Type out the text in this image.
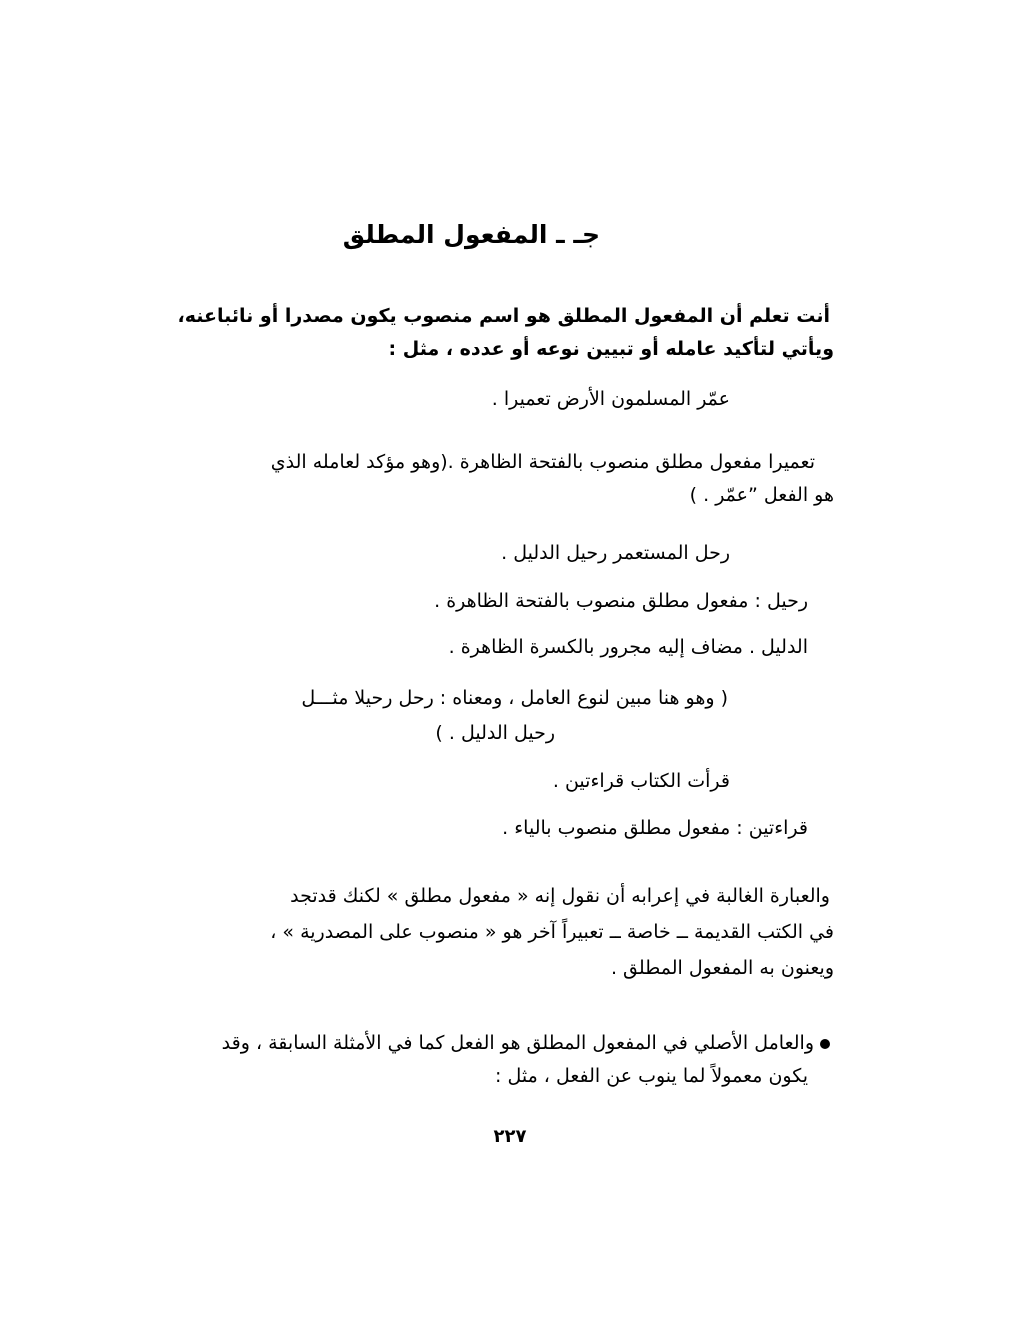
جـ ـ المفعول المطلق
أنت تعلم أن المفعول المطلق هو اسم منصوب يكون مصدرا أو نائباعنه،
ويأتي لتأكيد عامله أو تبيين نوعه أو عدده ، مثل :
عمّر المسلمون الأرض تعميرا .
تعميرا مفعول مطلق منصوب بالفتحة الظاهرة .(وهو مؤكد لعامله الذي
هو الفعل ”عمّر . )
رحل المستعمر رحيل الدليل .
رحيل : مفعول مطلق منصوب بالفتحة الظاهرة .
الدليل . مضاف إليه مجرور بالكسرة الظاهرة .
( وهو هنا مبين لنوع العامل ، ومعناه : رحل رحيلا مثـــل
رحيل الدليل . )
قرأت الكتاب قراءتين .
قراءتين : مفعول مطلق منصوب بالياء .
والعبارة الغالبة في إعرابه أن نقول إنه « مفعول مطلق » لكنك قدتجد
في الكتب القديمة ــ خاصة ــ تعبيراً آخر هو « منصوب على المصدرية » ،
ويعنون به المفعول المطلق .
والعامل الأصلي في المفعول المطلق هو الفعل كما في الأمثلة السابقة ، وقد
يكون معمولاً لما ينوب عن الفعل ، مثل :
٢٢٧
